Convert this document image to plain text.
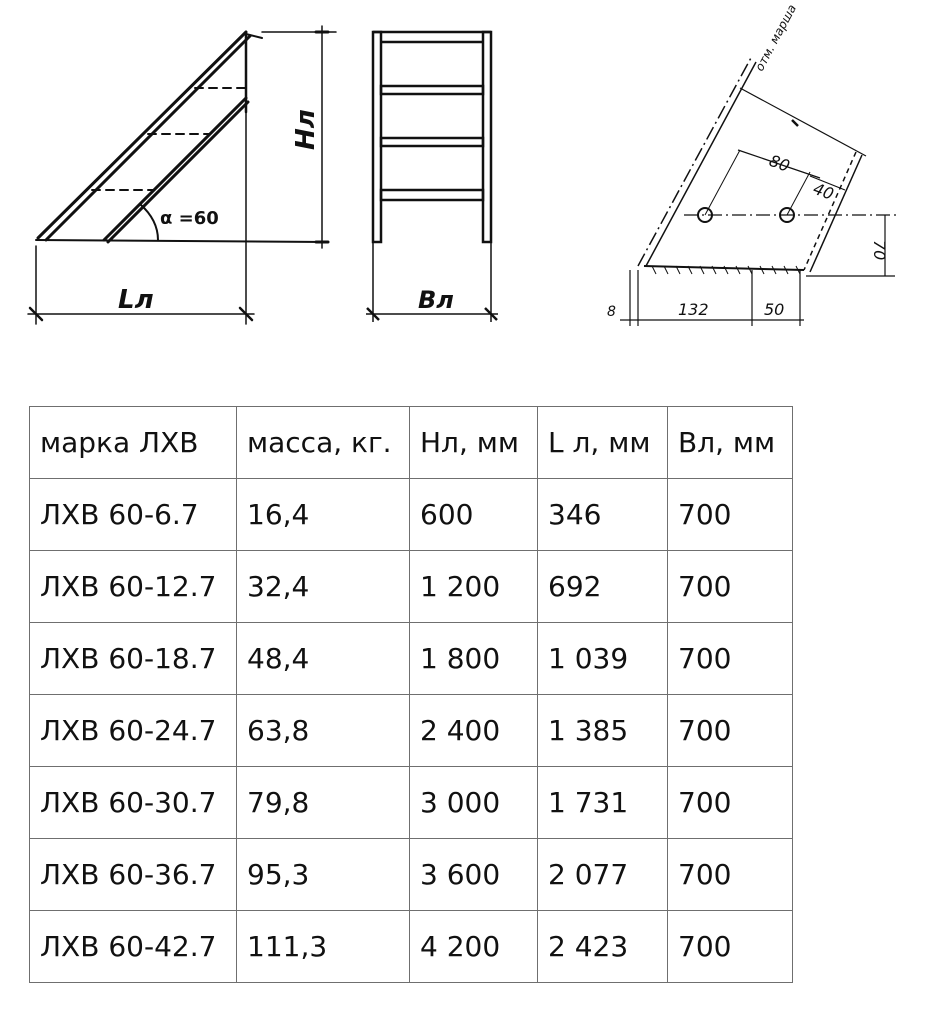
α =60
Hл
Lл	Bл
отм. марша
80
40
70
8	132	50
марка ЛХВ	масса, кг.	Нл, мм	L л, мм	Вл, мм
ЛХВ 60-6.7	16,4	600	346	700
ЛХВ 60-12.7	32,4	1 200	692	700
ЛХВ 60-18.7	48,4	1 800	1 039	700
ЛХВ 60-24.7	63,8	2 400	1 385	700
ЛХВ 60-30.7	79,8	3 000	1 731	700
ЛХВ 60-36.7	95,3	3 600	2 077	700
ЛХВ 60-42.7	111,3	4 200	2 423	700
